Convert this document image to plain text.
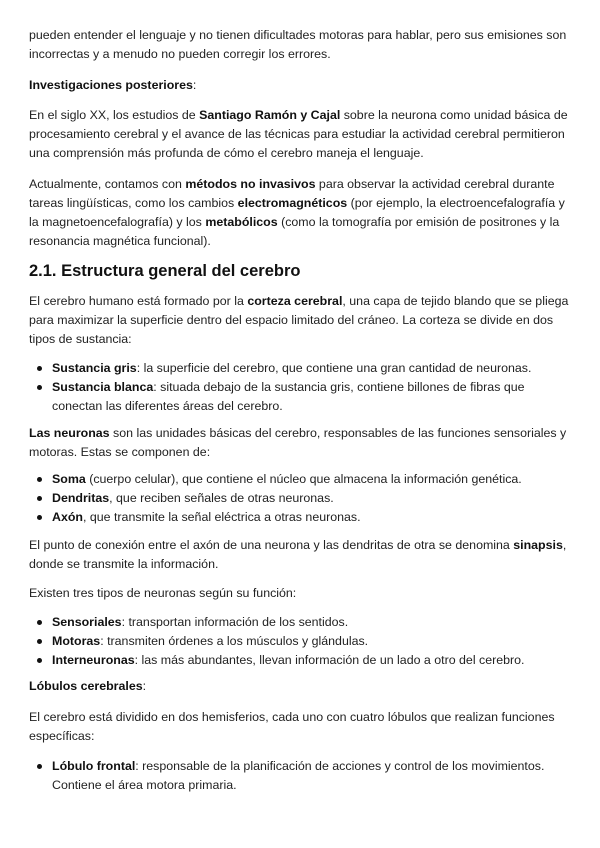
pueden entender el lenguaje y no tienen dificultades motoras para hablar, pero sus emisiones son incorrectas y a menudo no pueden corregir los errores.

Investigaciones posteriores:

En el siglo XX, los estudios de Santiago Ramón y Cajal sobre la neurona como unidad básica de procesamiento cerebral y el avance de las técnicas para estudiar la actividad cerebral permitieron una comprensión más profunda de cómo el cerebro maneja el lenguaje.

Actualmente, contamos con métodos no invasivos para observar la actividad cerebral durante tareas lingüísticas, como los cambios electromagnéticos (por ejemplo, la electroencefalografía y la magnetoencefalografía) y los metabólicos (como la tomografía por emisión de positrones y la resonancia magnética funcional).

2.1. Estructura general del cerebro

El cerebro humano está formado por la corteza cerebral, una capa de tejido blando que se pliega para maximizar la superficie dentro del espacio limitado del cráneo. La corteza se divide en dos tipos de sustancia:

Sustancia gris: la superficie del cerebro, que contiene una gran cantidad de neuronas.
Sustancia blanca: situada debajo de la sustancia gris, contiene billones de fibras que conectan las diferentes áreas del cerebro.

Las neuronas son las unidades básicas del cerebro, responsables de las funciones sensoriales y motoras. Estas se componen de:

Soma (cuerpo celular), que contiene el núcleo que almacena la información genética.
Dendritas, que reciben señales de otras neuronas.
Axón, que transmite la señal eléctrica a otras neuronas.

El punto de conexión entre el axón de una neurona y las dendritas de otra se denomina sinapsis, donde se transmite la información.

Existen tres tipos de neuronas según su función:

Sensoriales: transportan información de los sentidos.
Motoras: transmiten órdenes a los músculos y glándulas.
Interneuronas: las más abundantes, llevan información de un lado a otro del cerebro.

Lóbulos cerebrales:

El cerebro está dividido en dos hemisferios, cada uno con cuatro lóbulos que realizan funciones específicas:

Lóbulo frontal: responsable de la planificación de acciones y control de los movimientos. Contiene el área motora primaria.
